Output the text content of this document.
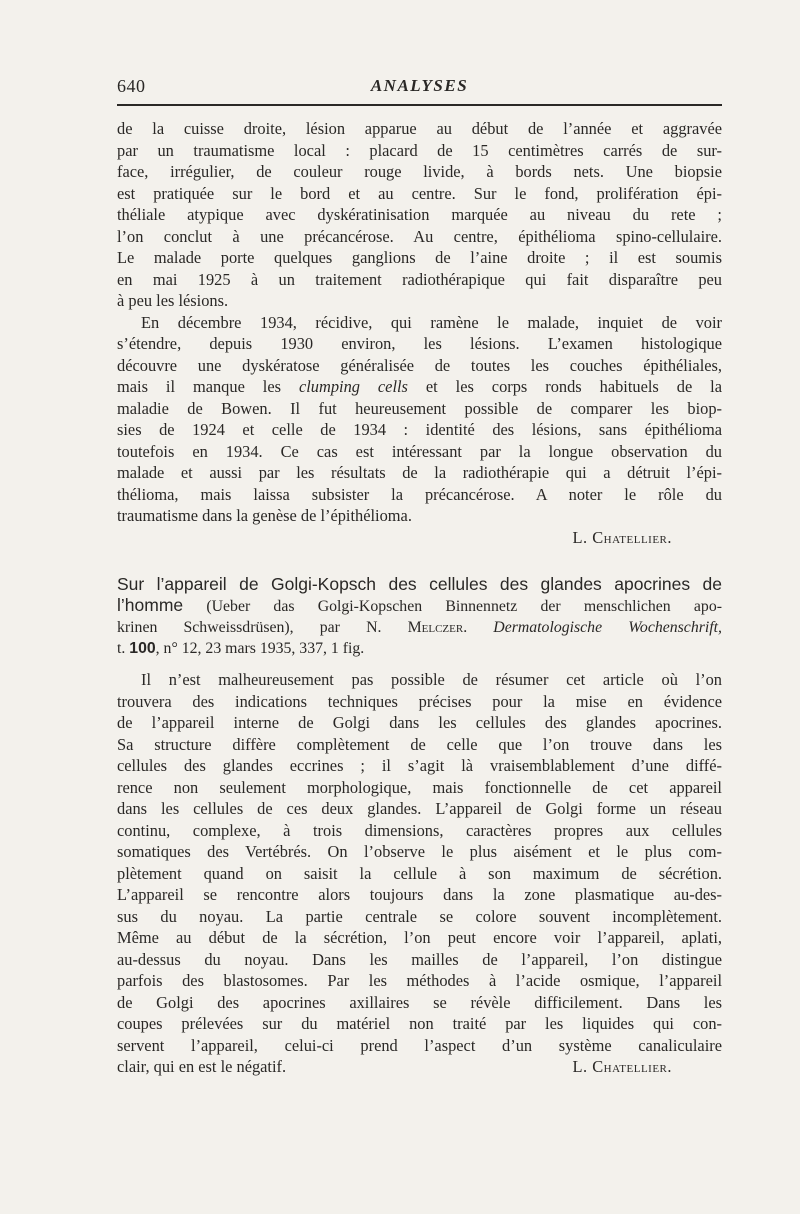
640	ANALYSES
de la cuisse droite, lésion apparue au début de l’année et aggravée
par un traumatisme local : placard de 15 centimètres carrés de sur-
face, irrégulier, de couleur rouge livide, à bords nets. Une biopsie
est pratiquée sur le bord et au centre. Sur le fond, prolifération épi-
théliale atypique avec dyskératinisation marquée au niveau du rete ;
l’on conclut à une précancérose. Au centre, épithélioma spino-cellulaire.
Le malade porte quelques ganglions de l’aine droite ; il est soumis
en mai 1925 à un traitement radiothérapique qui fait disparaître peu
à peu les lésions.
En décembre 1934, récidive, qui ramène le malade, inquiet de voir
s’étendre, depuis 1930 environ, les lésions. L’examen histologique
découvre une dyskératose généralisée de toutes les couches épithéliales,
mais il manque les clumping cells et les corps ronds habituels de la
maladie de Bowen. Il fut heureusement possible de comparer les biop-
sies de 1924 et celle de 1934 : identité des lésions, sans épithélioma
toutefois en 1934. Ce cas est intéressant par la longue observation du
malade et aussi par les résultats de la radiothérapie qui a détruit l’épi-
thélioma, mais laissa subsister la précancérose. A noter le rôle du
traumatisme dans la genèse de l’épithélioma.
L. Chatellier.
Sur l’appareil de Golgi-Kopsch des cellules des glandes apocrines de
l’homme (Ueber das Golgi-Kopschen Binnennetz der menschlichen apo-
krinen Schweissdrüsen), par N. Melczer. Dermatologische Wochenschrift,
t. 100, n° 12, 23 mars 1935, 337, 1 fig.
Il n’est malheureusement pas possible de résumer cet article où l’on
trouvera des indications techniques précises pour la mise en évidence
de l’appareil interne de Golgi dans les cellules des glandes apocrines.
Sa structure diffère complètement de celle que l’on trouve dans les
cellules des glandes eccrines ; il s’agit là vraisemblablement d’une diffé-
rence non seulement morphologique, mais fonctionnelle de cet appareil
dans les cellules de ces deux glandes. L’appareil de Golgi forme un réseau
continu, complexe, à trois dimensions, caractères propres aux cellules
somatiques des Vertébrés. On l’observe le plus aisément et le plus com-
plètement quand on saisit la cellule à son maximum de sécrétion.
L’appareil se rencontre alors toujours dans la zone plasmatique au-des-
sus du noyau. La partie centrale se colore souvent incomplètement.
Même au début de la sécrétion, l’on peut encore voir l’appareil, aplati,
au-dessus du noyau. Dans les mailles de l’appareil, l’on distingue
parfois des blastosomes. Par les méthodes à l’acide osmique, l’appareil
de Golgi des apocrines axillaires se révèle difficilement. Dans les
coupes prélevées sur du matériel non traité par les liquides qui con-
servent l’appareil, celui-ci prend l’aspect d’un système canaliculaire
clair, qui en est le négatif.	L. Chatellier.
